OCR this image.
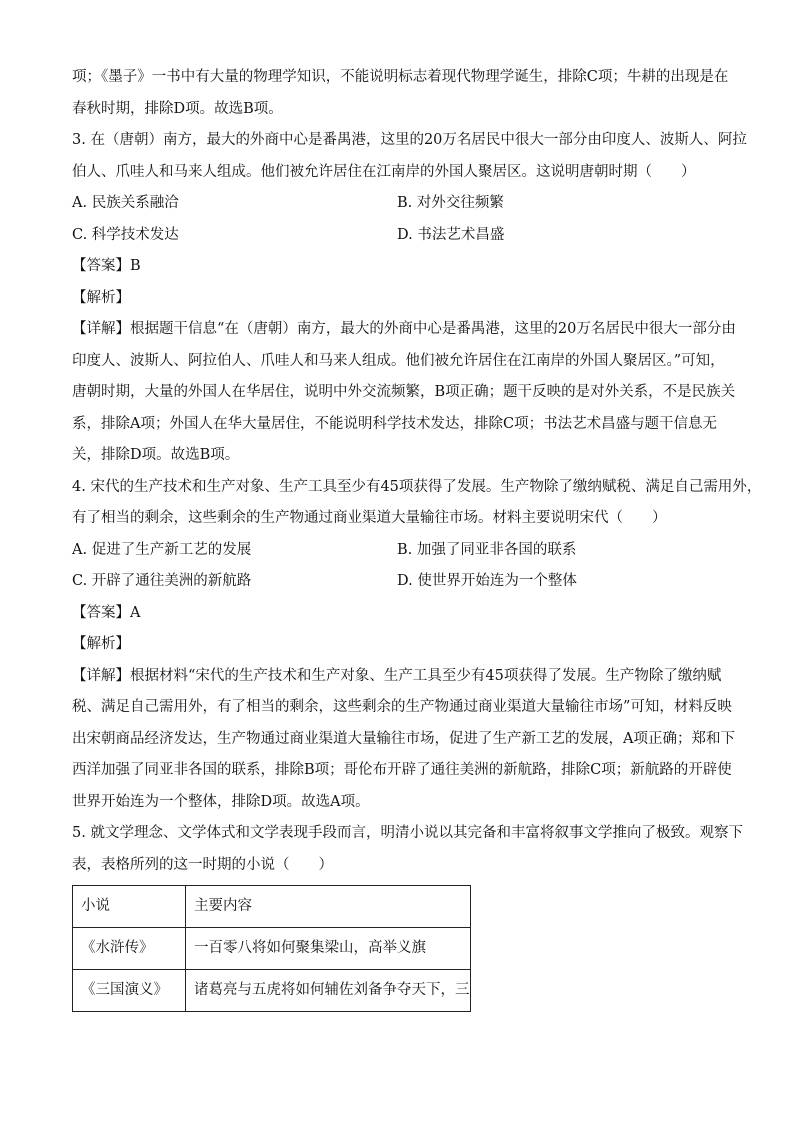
项；《墨子》一书中有大量的物理学知识，不能说明标志着现代物理学诞生，排除C项；牛耕的出现是在
春秋时期，排除D项。故选B项。
3. 在（唐朝）南方，最大的外商中心是番禺港，这里的20万名居民中很大一部分由印度人、波斯人、阿拉
伯人、爪哇人和马来人组成。他们被允许居住在江南岸的外国人聚居区。这说明唐朝时期（　　）
A. 民族关系融洽	B. 对外交往频繁
C. 科学技术发达	D. 书法艺术昌盛
【答案】B
【解析】
【详解】根据题干信息“在（唐朝）南方，最大的外商中心是番禺港，这里的20万名居民中很大一部分由
印度人、波斯人、阿拉伯人、爪哇人和马来人组成。他们被允许居住在江南岸的外国人聚居区。”可知，
唐朝时期，大量的外国人在华居住，说明中外交流频繁，B项正确；题干反映的是对外关系，不是民族关
系，排除A项；外国人在华大量居住，不能说明科学技术发达，排除C项；书法艺术昌盛与题干信息无
关，排除D项。故选B项。
4. 宋代的生产技术和生产对象、生产工具至少有45项获得了发展。生产物除了缴纳赋税、满足自己需用外，
有了相当的剩余，这些剩余的生产物通过商业渠道大量输往市场。材料主要说明宋代（　　）
A. 促进了生产新工艺的发展	B. 加强了同亚非各国的联系
C. 开辟了通往美洲的新航路	D. 使世界开始连为一个整体
【答案】A
【解析】
【详解】根据材料“宋代的生产技术和生产对象、生产工具至少有45项获得了发展。生产物除了缴纳赋
税、满足自己需用外，有了相当的剩余，这些剩余的生产物通过商业渠道大量输往市场”可知，材料反映
出宋朝商品经济发达，生产物通过商业渠道大量输往市场，促进了生产新工艺的发展，A项正确；郑和下
西洋加强了同亚非各国的联系，排除B项；哥伦布开辟了通往美洲的新航路，排除C项；新航路的开辟使
世界开始连为一个整体，排除D项。故选A项。
5. 就文学理念、文学体式和文学表现手段而言，明清小说以其完备和丰富将叙事文学推向了极致。观察下
表，表格所列的这一时期的小说（　　）
小说	主要内容
《水浒传》	一百零八将如何聚集梁山，高举义旗
《三国演义》	诸葛亮与五虎将如何辅佐刘备争夺天下，三
